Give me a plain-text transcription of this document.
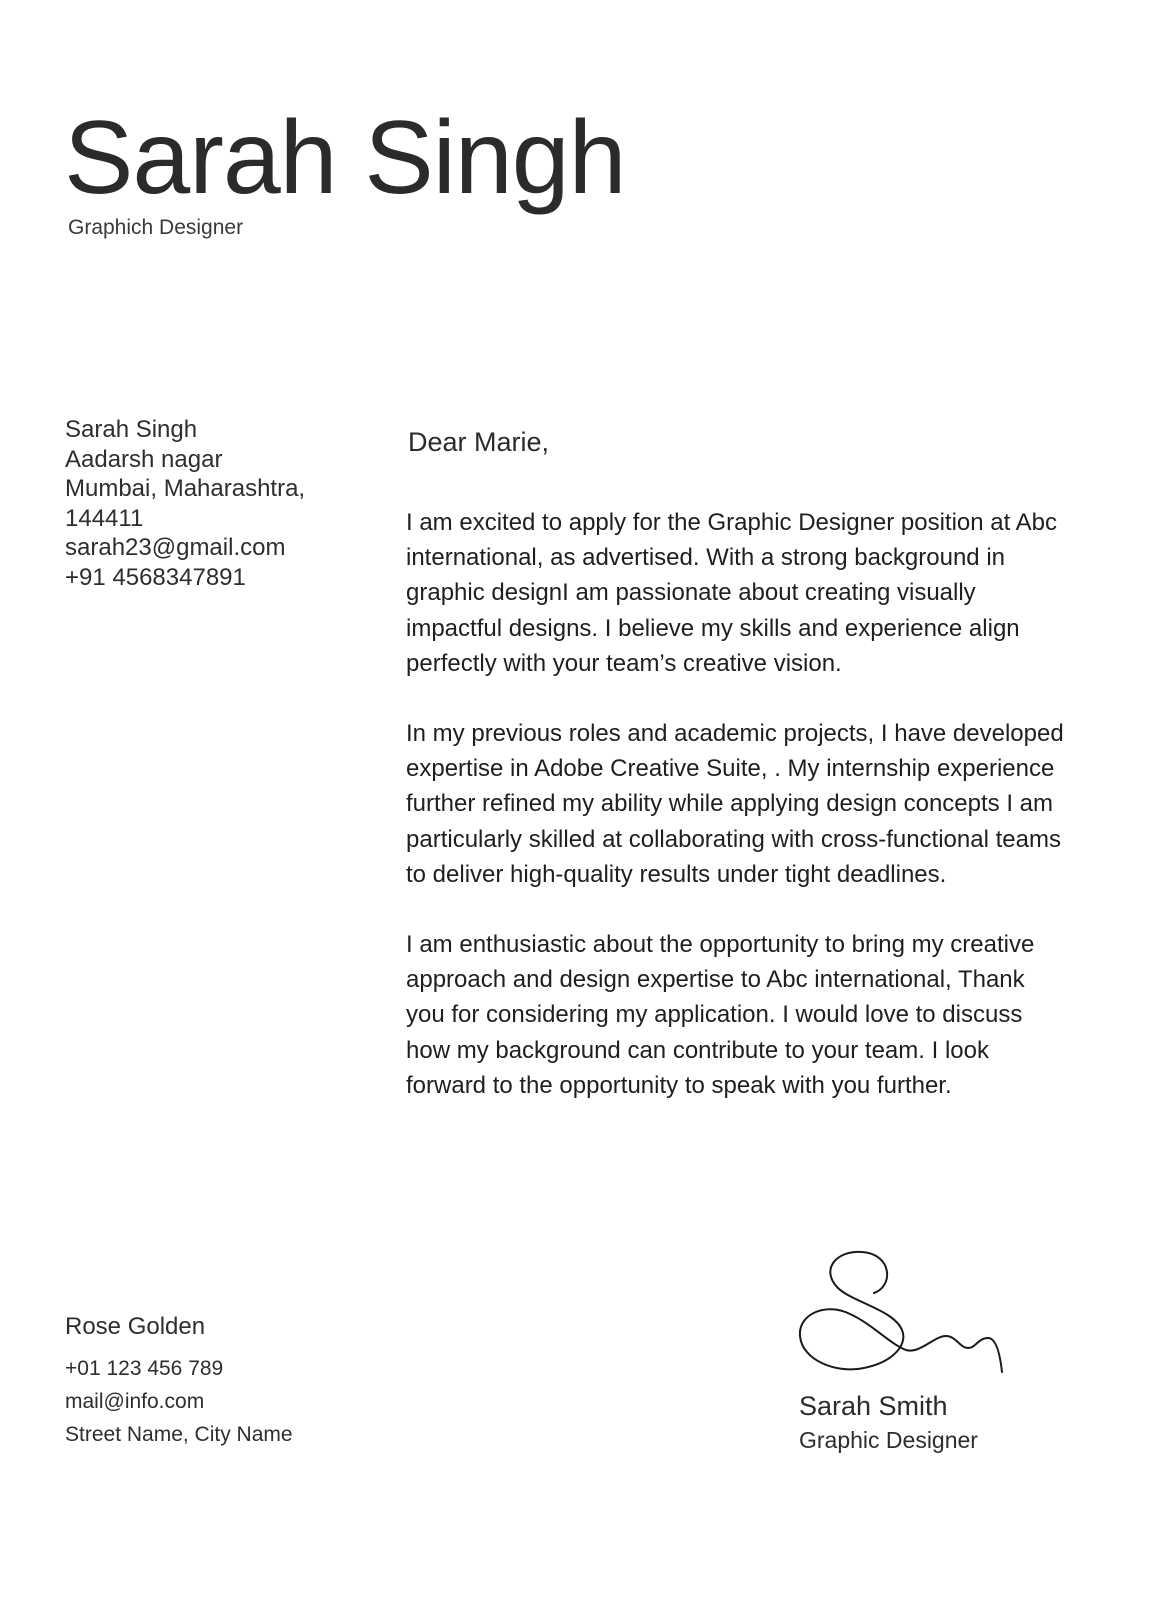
Sarah Singh
Graphich Designer
Sarah Singh
Aadarsh nagar
Mumbai, Maharashtra,
144411
sarah23@gmail.com
+91 4568347891
Dear Marie,

I am excited to apply for the Graphic Designer position at Abc international, as advertised. With a strong background in graphic designI am passionate about creating visually impactful designs. I believe my skills and experience align perfectly with your team’s creative vision.

In my previous roles and academic projects, I have developed expertise in Adobe Creative Suite, . My internship experience further refined my ability while applying design concepts I am particularly skilled at collaborating with cross-functional teams to deliver high-quality results under tight deadlines.

I am enthusiastic about the opportunity to bring my creative approach and design expertise to Abc international, Thank you for considering my application. I would love to discuss how my background can contribute to your team. I look forward to the opportunity to speak with you further.

Rose Golden
+01 123 456 789
mail@info.com
Street Name, City Name
Sarah Smith
Graphic Designer
